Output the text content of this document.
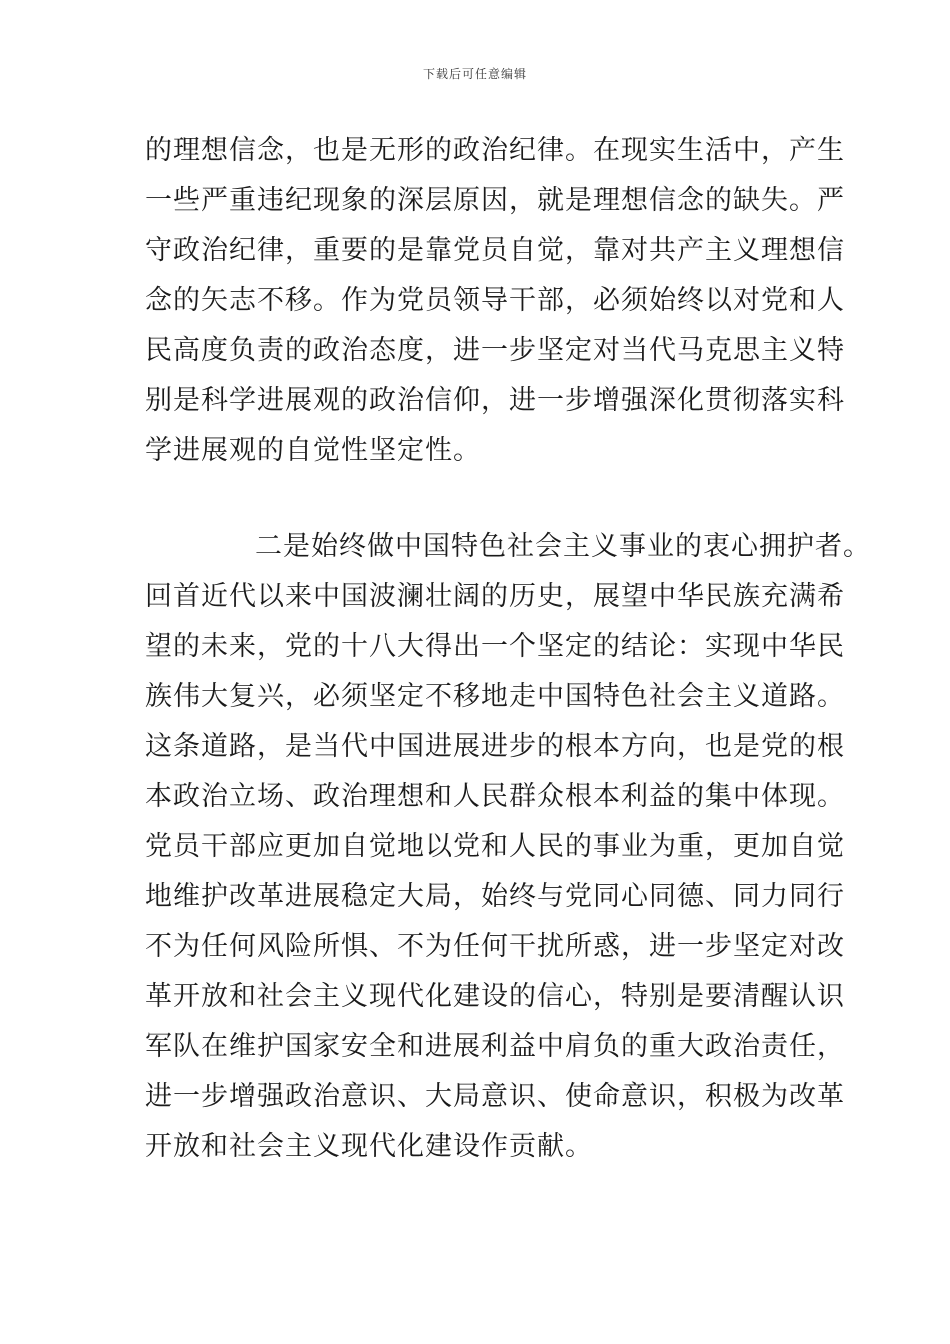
下载后可任意编辑
的理想信念，也是无形的政治纪律。在现实生活中，产生
一些严重违纪现象的深层原因，就是理想信念的缺失。严
守政治纪律，重要的是靠党员自觉，靠对共产主义理想信
念的矢志不移。作为党员领导干部，必须始终以对党和人
民高度负责的政治态度，进一步坚定对当代马克思主义特
别是科学进展观的政治信仰，进一步增强深化贯彻落实科
学进展观的自觉性坚定性。
二是始终做中国特色社会主义事业的衷心拥护者。
回首近代以来中国波澜壮阔的历史，展望中华民族充满希
望的未来，党的十八大得出一个坚定的结论：实现中华民
族伟大复兴，必须坚定不移地走中国特色社会主义道路。
这条道路，是当代中国进展进步的根本方向，也是党的根
本政治立场、政治理想和人民群众根本利益的集中体现。
党员干部应更加自觉地以党和人民的事业为重，更加自觉
地维护改革进展稳定大局，始终与党同心同德、同力同行
不为任何风险所惧、不为任何干扰所惑，进一步坚定对改
革开放和社会主义现代化建设的信心，特别是要清醒认识
军队在维护国家安全和进展利益中肩负的重大政治责任，
进一步增强政治意识、大局意识、使命意识，积极为改革
开放和社会主义现代化建设作贡献。
